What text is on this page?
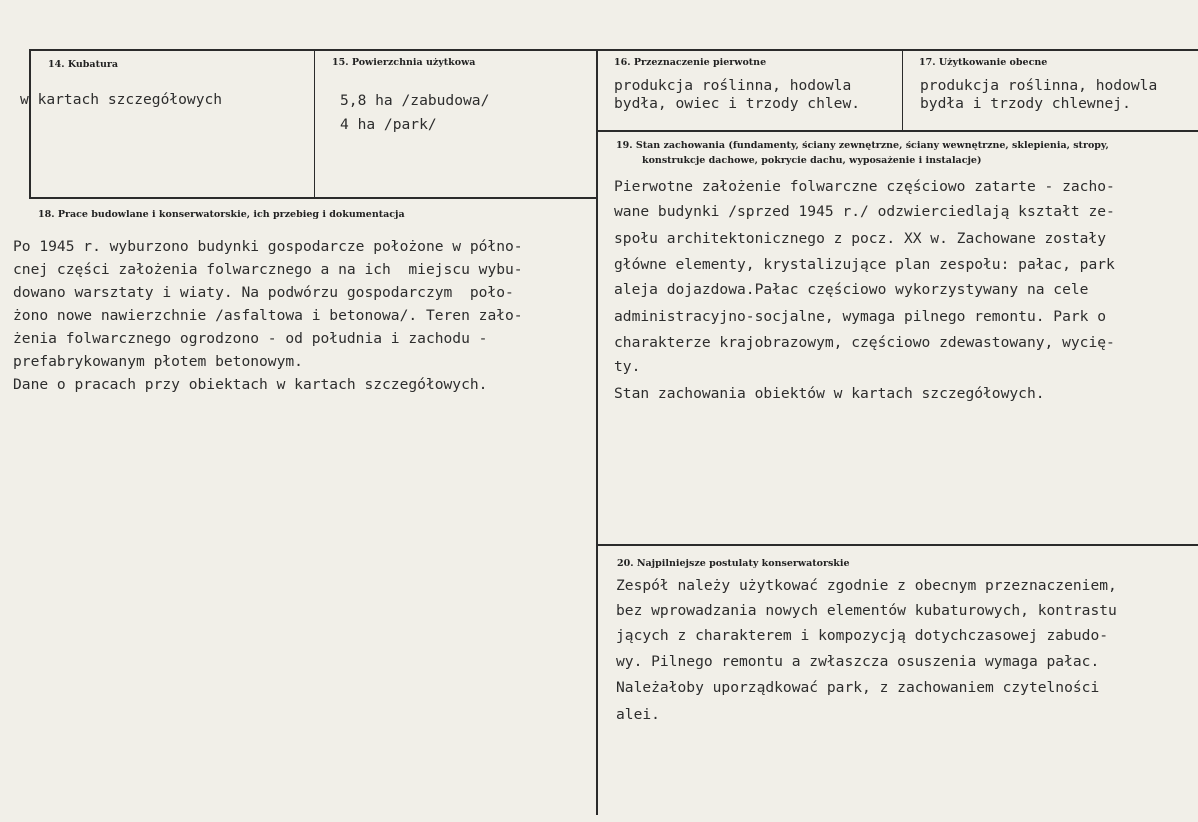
14. Kubatura
w kartach szczegółowych
15. Powierzchnia użytkowa
5,8 ha /zabudowa/
4 ha /park/
16. Przeznaczenie pierwotne
produkcja roślinna, hodowla
bydła, owiec i trzody chlew.
17. Użytkowanie obecne
produkcja roślinna, hodowla
bydła i trzody chlewnej.
18. Prace budowlane i konserwatorskie, ich przebieg i dokumentacja
Po 1945 r. wyburzono budynki gospodarcze położone w półno-
cnej części założenia folwarcznego a na ich  miejscu wybu-
dowano warsztaty i wiaty. Na podwórzu gospodarczym  poło-
żono nowe nawierzchnie /asfaltowa i betonowa/. Teren zało-
żenia folwarcznego ogrodzono - od południa i zachodu -
prefabrykowanym płotem betonowym.
Dane o pracach przy obiektach w kartach szczegółowych.
19. Stan zachowania (fundamenty, ściany zewnętrzne, ściany wewnętrzne, sklepienia, stropy,
konstrukcje dachowe, pokrycie dachu, wyposażenie i instalacje)
Pierwotne założenie folwarczne częściowo zatarte - zacho-
wane budynki /sprzed 1945 r./ odzwierciedlają kształt ze-
społu architektonicznego z pocz. XX w. Zachowane zostały
główne elementy, krystalizujące plan zespołu: pałac, park
aleja dojazdowa.Pałac częściowo wykorzystywany na cele
administracyjno-socjalne, wymaga pilnego remontu. Park o
charakterze krajobrazowym, częściowo zdewastowany, wycię-
ty.
Stan zachowania obiektów w kartach szczegółowych.
20. Najpilniejsze postulaty konserwatorskie
Zespół należy użytkować zgodnie z obecnym przeznaczeniem,
bez wprowadzania nowych elementów kubaturowych, kontrastu
jących z charakterem i kompozycją dotychczasowej zabudo-
wy. Pilnego remontu a zwłaszcza osuszenia wymaga pałac.
Należałoby uporządkować park, z zachowaniem czytelności
alei.
